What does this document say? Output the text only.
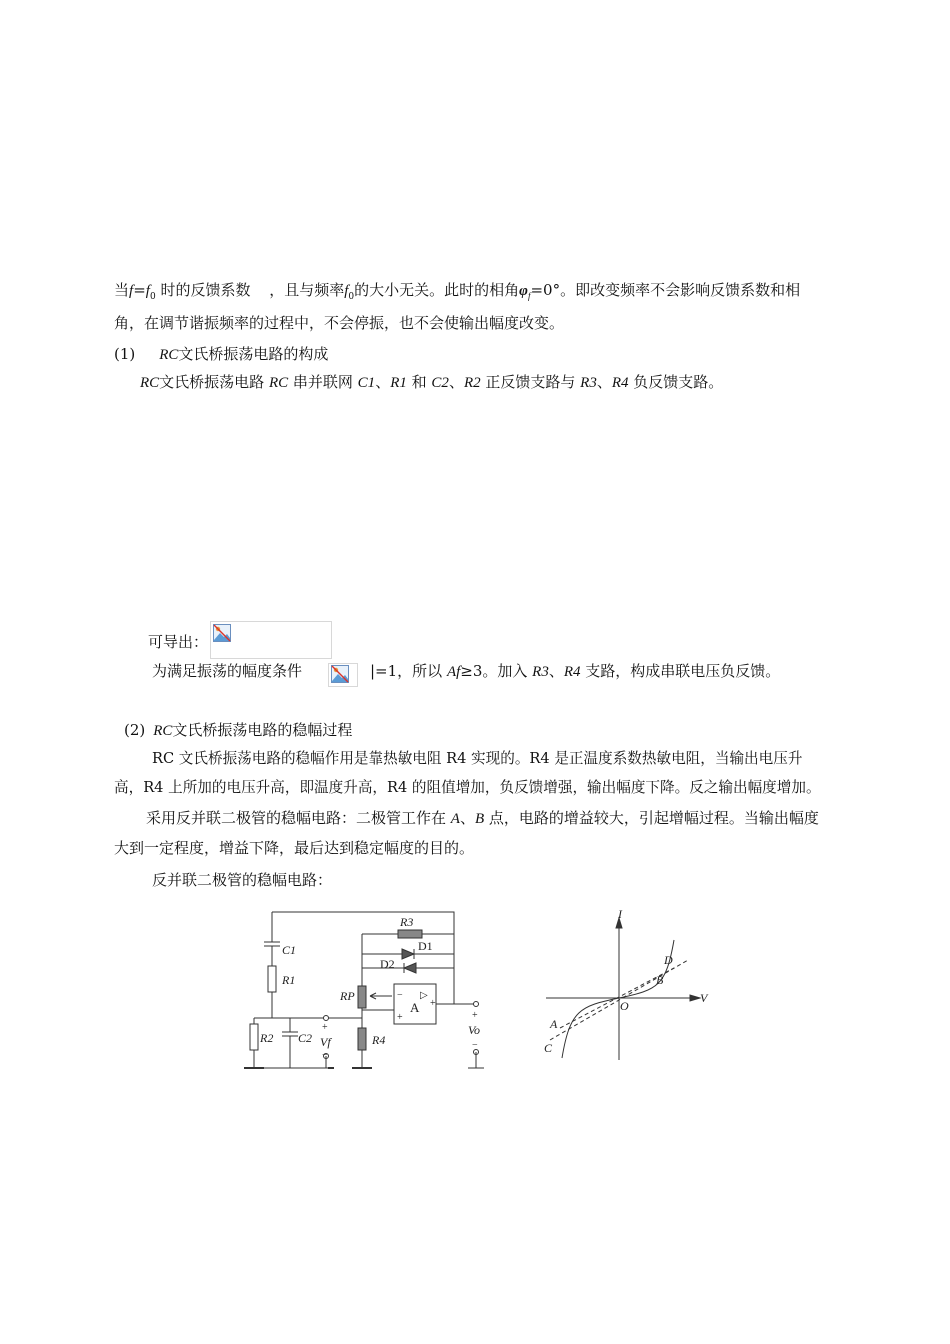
当$f=f_0$ 时的反馈系数 ，且与频率$f_0$的大小无关。此时的相角$\varphi_f=0^\circ$。即改变频率不会影响反馈系数和相
角，在调节谐振频率的过程中，不会停振，也不会使输出幅度改变。
(1) RC文氏桥振荡电路的构成
RC文氏桥振荡电路 RC 串并联网 C1、R1 和 C2、R2 正反馈支路与 R3、R4 负反馈支路。
可导出：
为满足振荡的幅度条件	|=1，所以 Af≥3。加入 R3、R4 支路，构成串联电压负反馈。
(2) RC文氏桥振荡电路的稳幅过程
RC 文氏桥振荡电路的稳幅作用是靠热敏电阻 R4 实现的。R4 是正温度系数热敏电阻，当输出电压升
高，R4 上所加的电压升高，即温度升高，R4 的阻值增加，负反馈增强，输出幅度下降。反之输出幅度增加。
采用反并联二极管的稳幅电路：二极管工作在 A、B 点，电路的增益较大，引起增幅过程。当输出幅度
大到一定程度，增益下降，最后达到稳定幅度的目的。
反并联二极管的稳幅电路：
R3
D1
D2
C1
R1
RP
A
▷
−
+
+
R2 C2
+
Vf
−
R4
+
Vo
−
I
V
O
A
B
C
D
